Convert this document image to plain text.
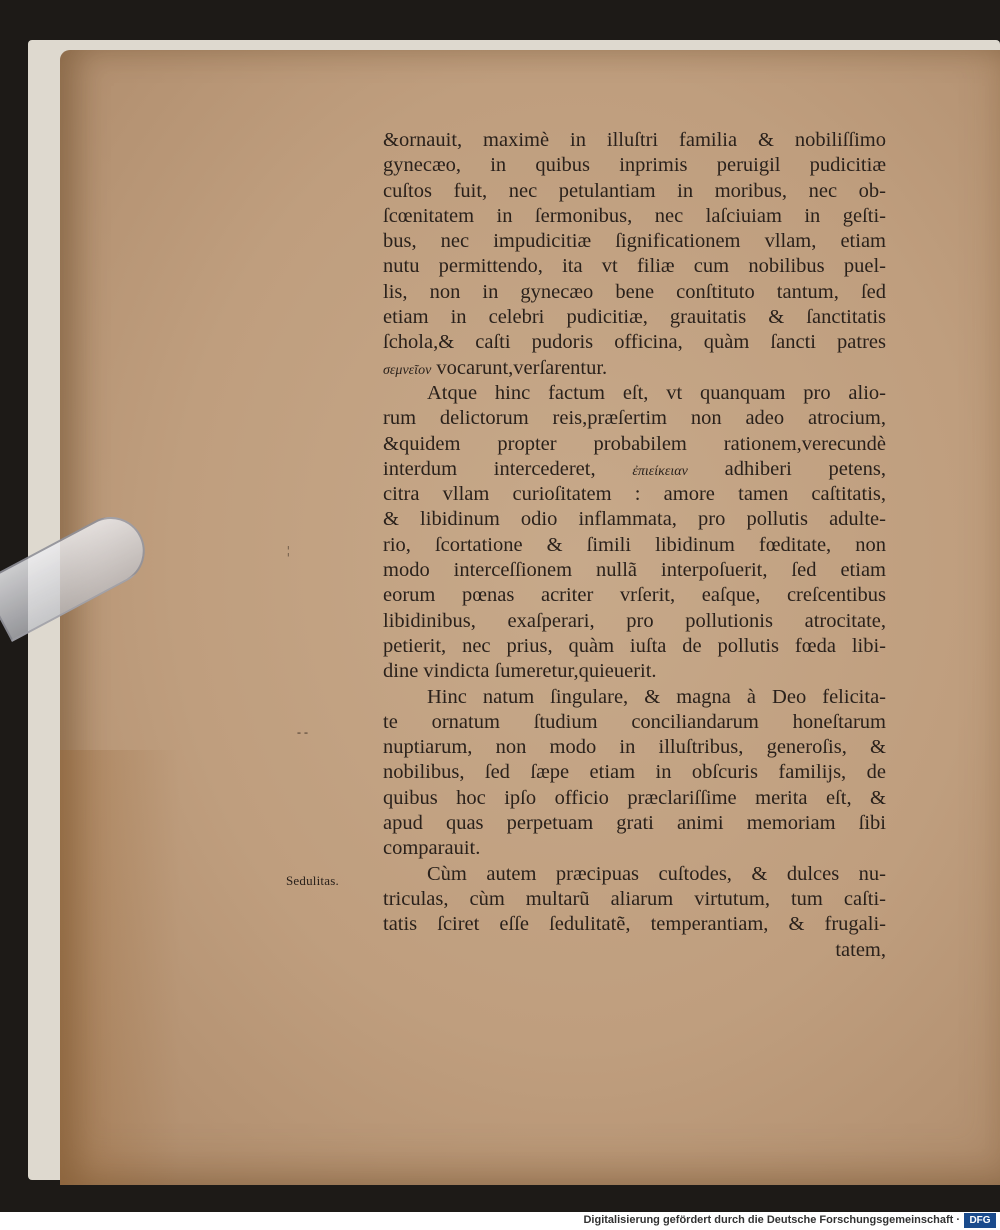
¦
- -
&ornauit, maximè in illuſtri familia & nobiliſſimo
gynecæo, in quibus inprimis peruigil pudicitiæ
cuſtos fuit, nec petulantiam in moribus, nec ob-
ſcœnitatem in ſermonibus, nec laſciuiam in geſti-
bus, nec impudicitiæ ſignificationem vllam, etiam
nutu permittendo, ita vt filiæ cum nobilibus puel-
lis, non in gynecæo bene conſtituto tantum, ſed
etiam in celebri pudicitiæ, grauitatis & ſanctitatis
ſchola,& caſti pudoris officina, quàm ſancti patres
σεμνεῖον vocarunt,verſarentur.
Atque hinc factum eſt, vt quanquam pro alio-
rum delictorum reis,præſertim non adeo atrocium,
&quidem propter probabilem rationem,verecundè
interdum intercederet,	ἐπιείκειαν adhiberi petens,
citra vllam curioſitatem : amore tamen caſtitatis,
& libidinum odio inflammata, pro pollutis adulte-
rio, ſcortatione & ſimili libidinum fœditate, non
modo interceſſionem nullã interpoſuerit, ſed etiam
eorum pœnas acriter vrſerit, eaſque, creſcentibus
libidinibus, exaſperari, pro pollutionis atrocitate,
petierit, nec prius, quàm iuſta de pollutis fœda libi-
dine vindicta ſumeretur,quieuerit.
Hinc natum ſingulare, & magna à Deo felicita-
te ornatum ſtudium conciliandarum honeſtarum
nuptiarum, non modo in illuſtribus, generoſis, &
nobilibus, ſed ſæpe etiam in obſcuris familijs, de
quibus hoc ipſo officio præclariſſime merita eſt, &
apud quas perpetuam grati animi memoriam ſibi
comparauit.
Cùm autem præcipuas cuſtodes, & dulces nu-
triculas, cùm multarũ aliarum virtutum, tum caſti-
tatis ſciret eſſe ſedulitatẽ, temperantiam, & frugali-
tatem,
Sedulitas.
Digitalisierung gefördert durch die Deutsche Forschungsgemeinschaft · DFG
